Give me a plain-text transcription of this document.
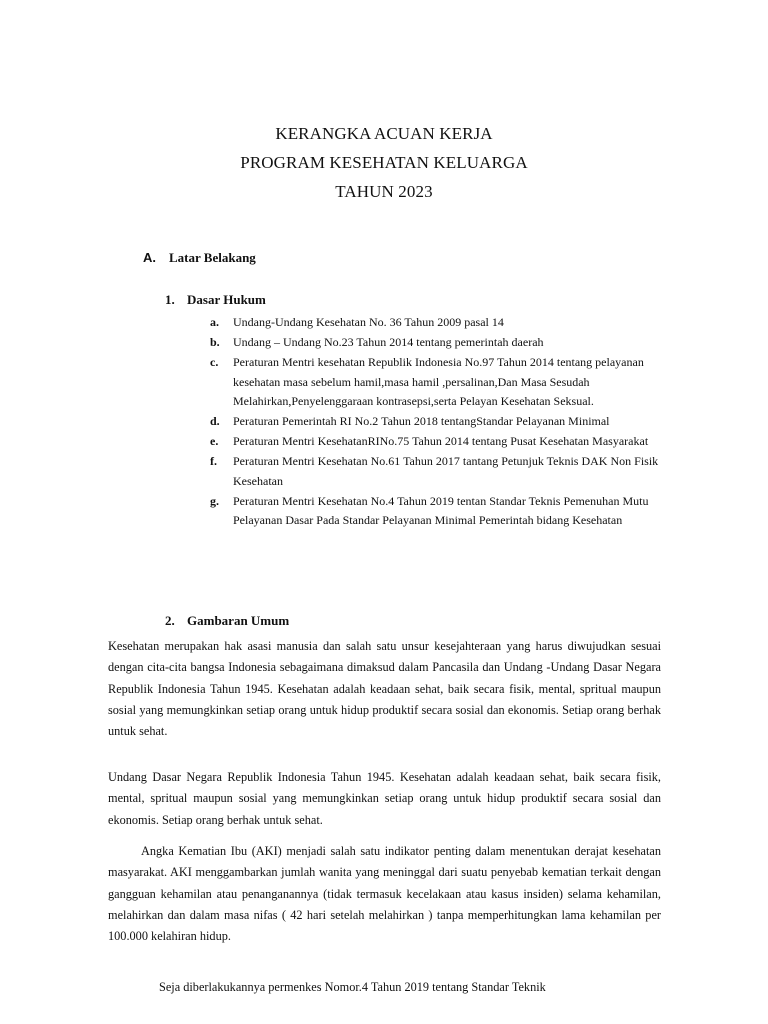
KERANGKA ACUAN KERJA
PROGRAM KESEHATAN KELUARGA
TAHUN 2023
A. Latar Belakang
1. Dasar Hukum
a. Undang-Undang Kesehatan No. 36 Tahun 2009 pasal 14
b. Undang – Undang No.23 Tahun 2014 tentang pemerintah daerah
c. Peraturan Mentri kesehatan Republik Indonesia No.97 Tahun 2014 tentang pelayanan kesehatan masa sebelum hamil,masa hamil ,persalinan,Dan Masa Sesudah Melahirkan,Penyelenggaraan kontrasepsi,serta Pelayan Kesehatan Seksual.
d. Peraturan Pemerintah RI No.2 Tahun 2018 tentangStandar Pelayanan Minimal
e. Peraturan Mentri KesehatanRINo.75 Tahun 2014 tentang Pusat Kesehatan Masyarakat
f. Peraturan Mentri Kesehatan No.61 Tahun 2017 tantang Petunjuk Teknis DAK Non Fisik Kesehatan
g. Peraturan Mentri Kesehatan No.4 Tahun 2019 tentan Standar Teknis Pemenuhan Mutu Pelayanan Dasar Pada Standar Pelayanan Minimal Pemerintah bidang Kesehatan
2. Gambaran Umum

Kesehatan merupakan hak asasi manusia dan salah satu unsur kesejahteraan yang harus diwujudkan sesuai dengan cita-cita bangsa Indonesia sebagaimana dimaksud dalam Pancasila dan Undang -Undang Dasar Negara Republik Indonesia Tahun 1945. Kesehatan adalah keadaan sehat, baik secara fisik, mental, spritual maupun sosial yang memungkinkan setiap orang untuk hidup produktif secara sosial dan ekonomis. Setiap orang berhak untuk sehat.

Undang Dasar Negara Republik Indonesia Tahun 1945. Kesehatan adalah keadaan sehat, baik secara fisik, mental, spritual maupun sosial yang memungkinkan setiap orang untuk hidup produktif secara sosial dan ekonomis. Setiap orang berhak untuk sehat.

Angka Kematian Ibu (AKI) menjadi salah satu indikator penting dalam menentukan derajat kesehatan masyarakat. AKI menggambarkan jumlah wanita yang meninggal dari suatu penyebab kematian terkait dengan gangguan kehamilan atau penanganannya (tidak termasuk kecelakaan atau kasus insiden) selama kehamilan, melahirkan dan dalam masa nifas ( 42 hari setelah melahirkan ) tanpa memperhitungkan lama kehamilan per 100.000 kelahiran hidup.

Seja diberlakukannya permenkes Nomor.4 Tahun 2019 tentang Standar Teknik
